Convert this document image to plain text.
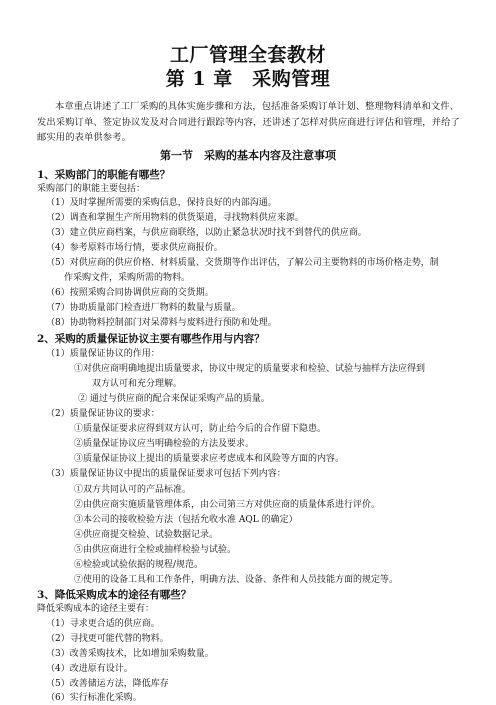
工厂管理全套教材
第 1 章　采购管理
本章重点讲述了工厂采购的具体实施步骤和方法，包括准备采购订单计划、整理物料清单和文件、发出采购订单、签定协议发及对合同进行跟踪等内容，还讲述了怎样对供应商进行评估和管理，并给了邮实用的表单供参考。
第一节　采购的基本内容及注意事项
1、采购部门的职能有哪些？
采购部门的职能主要包括：
（1）及时掌握所需要的采购信息，保持良好的内部沟通。
（2）调查和掌握生产所用物料的供货渠道，寻找物料供应来源。
（3）建立供应商档案，与供应商联络，以防止紧急状况时找不到替代的供应商。
（4）参考原料市场行情，要求供应商报价。
（5）对供应商的供应价格、材料质量、交货期等作出评估，了解公司主要物料的市场价格走势，制
作采购文件，采购所需的物料。
（6）按照采购合同协调供应商的交货期。
（7）协助质量部门检查进厂物料的数量与质量。
（8）协助物料控制部门对呆滞料与废料进行预防和处理。
2、采购的质量保证协议主要有哪些作用与内容？
（1）质量保证协议的作用：
①对供应商明确地提出质量要求，协议中规定的质量要求和检验、试验与抽样方法应得到
双方认可和充分理解。
② 通过与供应商的配合来保证采购产品的质量。
（2）质量保证协议的要求：
①质量保证要求应得到双方认可，防止给今后的合作留下隐患。
②质量保证协议应当明确检验的方法及要求。
③质量保证协议上提出的质量要求应考虑成本和风险等方面的内容。
（3）质量保证协议中提出的质量保证要求可包括下列内容：
①双方共同认可的产品标准。
②由供应商实施质量管理体系，由公司第三方对供应商的质量体系进行评价。
③本公司的接收检验方法（包括允收水准 AQL 的确定）
④供应商提交检验、试验数据记录。
⑤由供应商进行全检或抽样检验与试验。
⑥检验或试验依据的规程/规范。
⑦使用的设备工具和工作条件，明确方法、设备、条件和人员技能方面的规定等。
3、降低采购成本的途径有哪些？
降低采购成本的途径主要有：
（1）寻求更合适的供应商。
（2）寻找更可能代替的物料。
（3）改善采购技术，比如增加采购数量。
（4）改进原有设计。
（5）改善储运方法，降低库存
（6）实行标准化采购。
